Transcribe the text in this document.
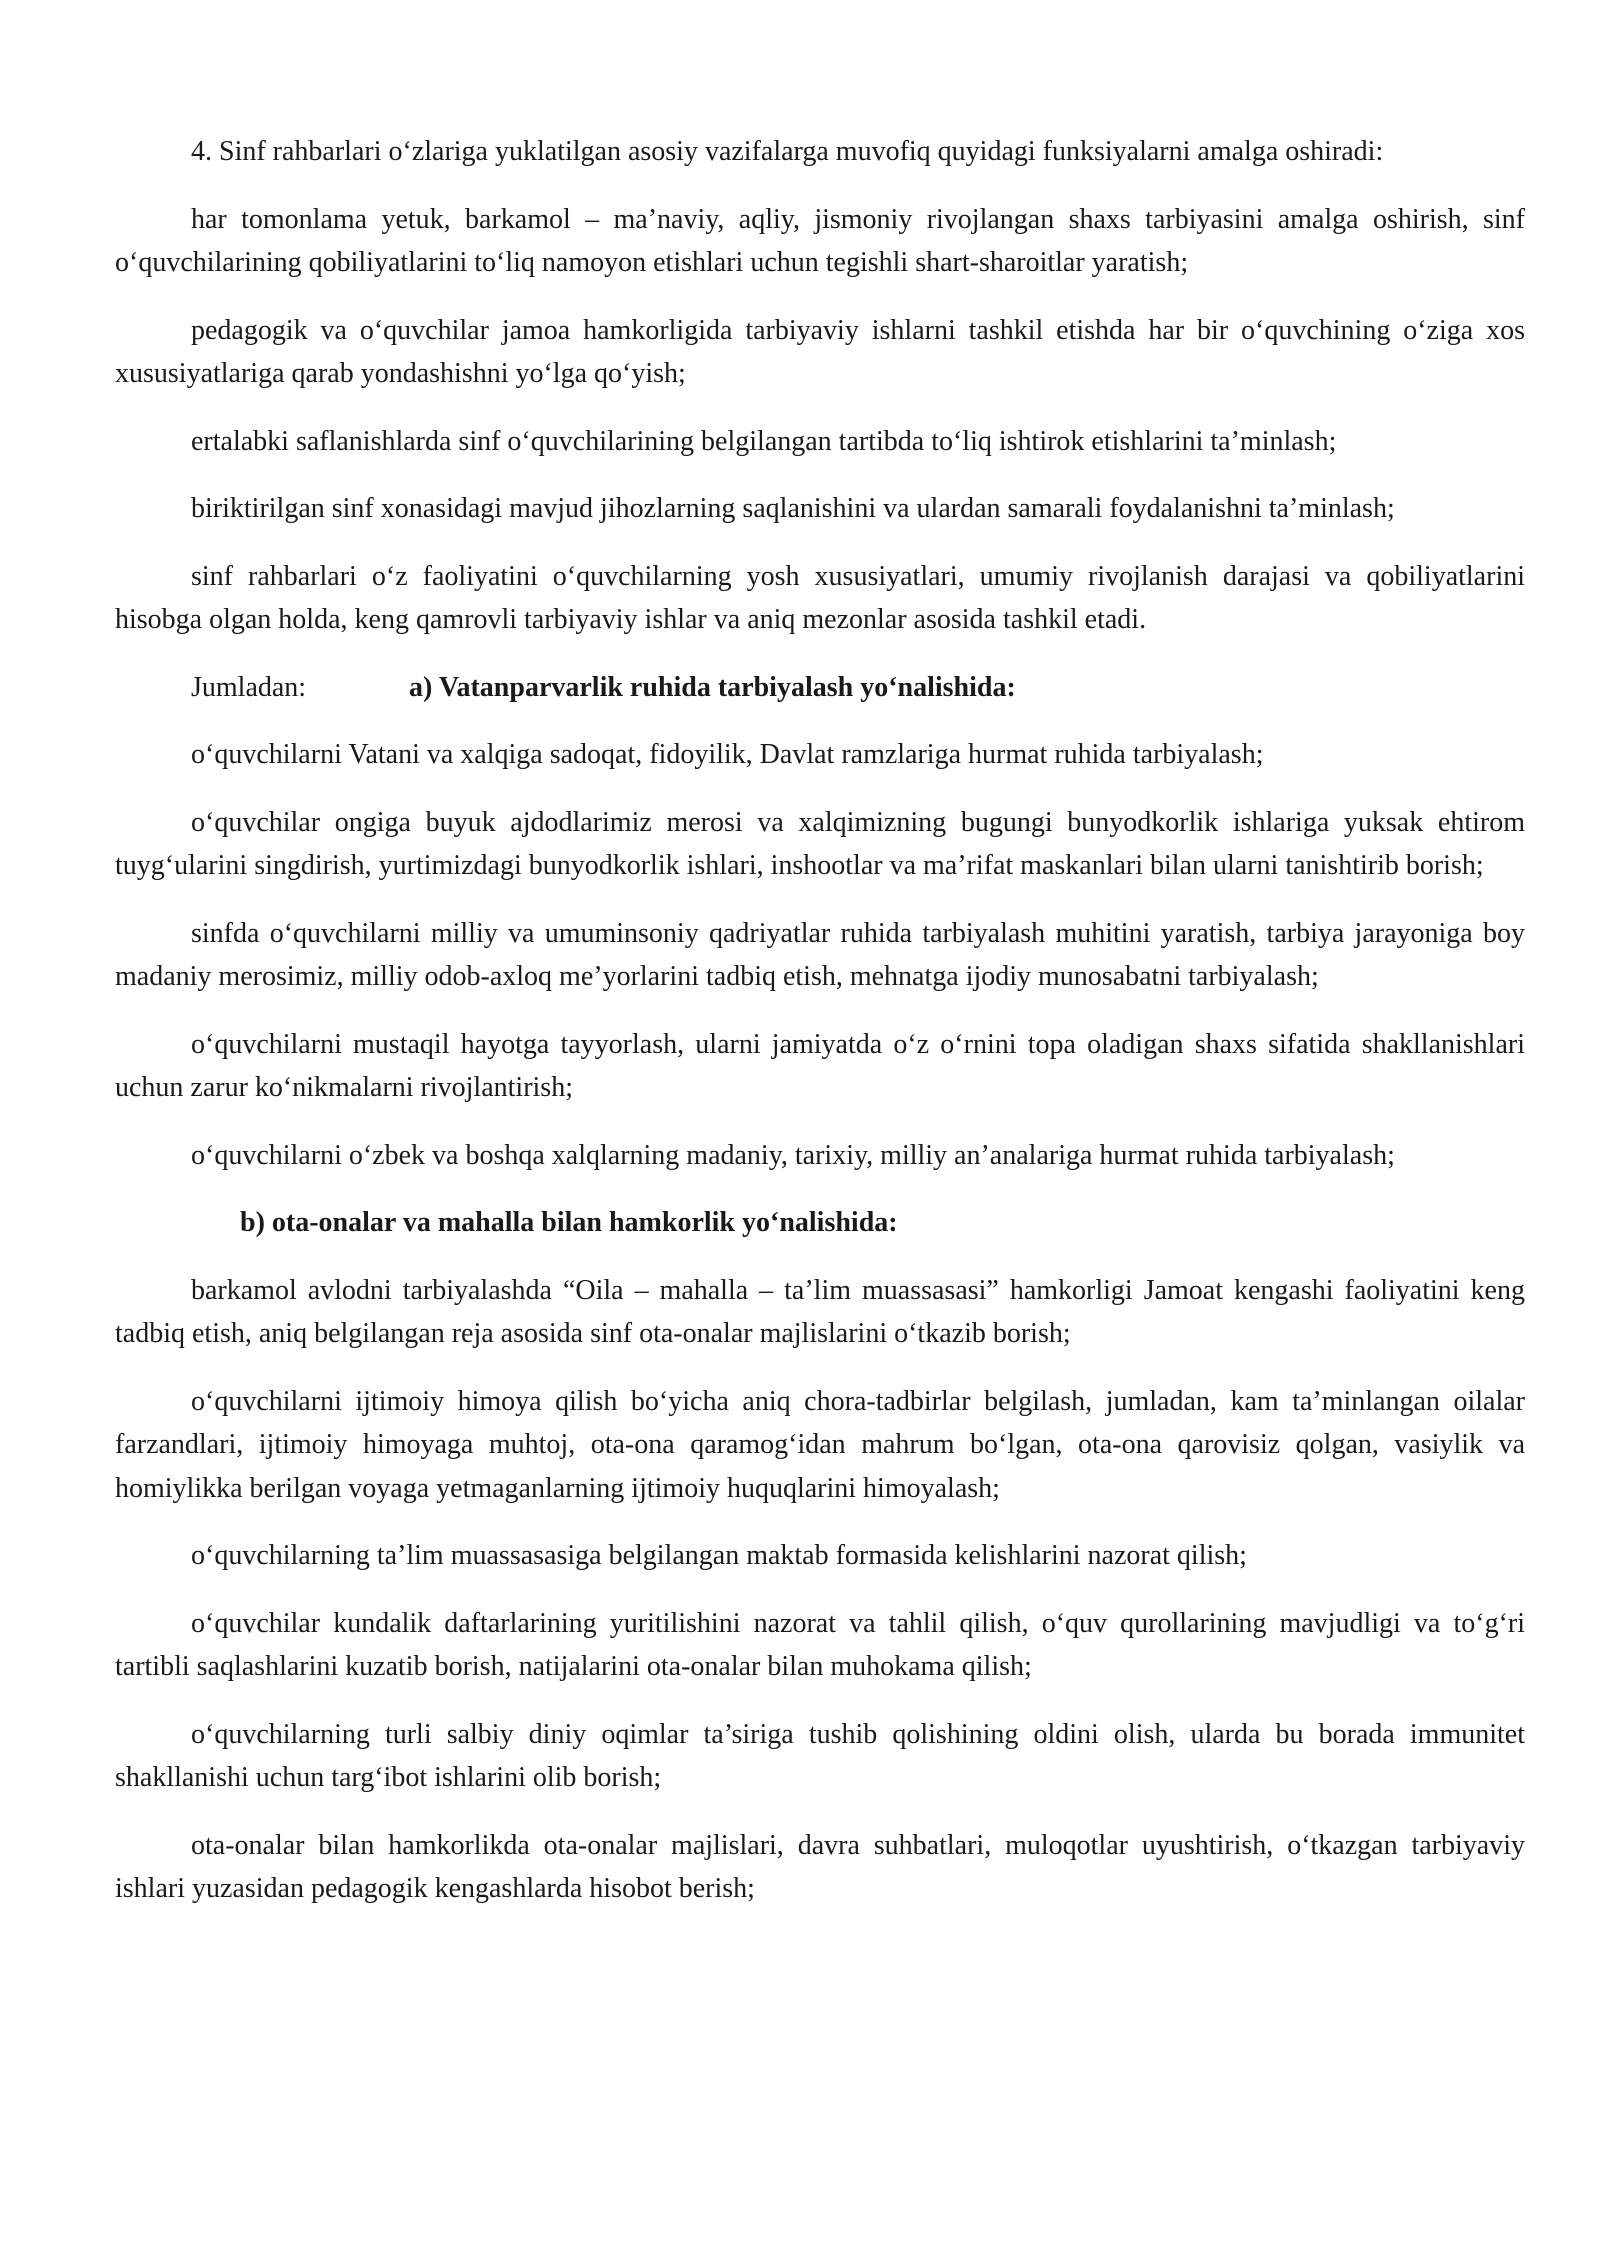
4. Sinf rahbarlari o‘zlariga yuklatilgan asosiy vazifalarga muvofiq quyidagi funksiyalarni amalga oshiradi:

har tomonlama yetuk, barkamol – ma’naviy, aqliy, jismoniy rivojlangan shaxs tarbiyasini amalga oshirish, sinf o‘quvchilarining qobiliyatlarini to‘liq namoyon etishlari uchun tegishli shart-sharoitlar yaratish;

pedagogik va o‘quvchilar jamoa hamkorligida tarbiyaviy ishlarni tashkil etishda har bir o‘quvchining o‘ziga xos xususiyatlariga qarab yondashishni yo‘lga qo‘yish;

ertalabki saflanishlarda sinf o‘quvchilarining belgilangan tartibda to‘liq ishtirok etishlarini ta’minlash;

biriktirilgan sinf xonasidagi mavjud jihozlarning saqlanishini va ulardan samarali foydalanishni ta’minlash;

sinf rahbarlari o‘z faoliyatini o‘quvchilarning yosh xususiyatlari, umumiy rivojlanish darajasi va qobiliyatlarini hisobga olgan holda, keng qamrovli tarbiyaviy ishlar va aniq mezonlar asosida tashkil etadi.

Jumladan:	a) Vatanparvarlik ruhida tarbiyalash yo‘nalishida:

o‘quvchilarni Vatani va xalqiga sadoqat, fidoyilik, Davlat ramzlariga hurmat ruhida tarbiyalash;

o‘quvchilar ongiga buyuk ajdodlarimiz merosi va xalqimizning bugungi bunyodkorlik ishlariga yuksak ehtirom tuyg‘ularini singdirish, yurtimizdagi bunyodkorlik ishlari, inshootlar va ma’rifat maskanlari bilan ularni tanishtirib borish;

sinfda o‘quvchilarni milliy va umuminsoniy qadriyatlar ruhida tarbiyalash muhitini yaratish, tarbiya jarayoniga boy madaniy merosimiz, milliy odob-axloq me’yorlarini tadbiq etish, mehnatga ijodiy munosabatni tarbiyalash;

o‘quvchilarni mustaqil hayotga tayyorlash, ularni jamiyatda o‘z o‘rnini topa oladigan shaxs sifatida shakllanishlari uchun zarur ko‘nikmalarni rivojlantirish;

o‘quvchilarni o‘zbek va boshqa xalqlarning madaniy, tarixiy, milliy an’analariga hurmat ruhida tarbiyalash;

b) ota-onalar va mahalla bilan hamkorlik yo‘nalishida:

barkamol avlodni tarbiyalashda “Oila – mahalla – ta’lim muassasasi” hamkorligi Jamoat kengashi faoliyatini keng tadbiq etish, aniq belgilangan reja asosida sinf ota-onalar majlislarini o‘tkazib borish;

o‘quvchilarni ijtimoiy himoya qilish bo‘yicha aniq chora-tadbirlar belgilash, jumladan, kam ta’minlangan oilalar farzandlari, ijtimoiy himoyaga muhtoj, ota-ona qaramog‘idan mahrum bo‘lgan, ota-ona qarovisiz qolgan, vasiylik va homiylikka berilgan voyaga yetmaganlarning ijtimoiy huquqlarini himoyalash;

o‘quvchilarning ta’lim muassasasiga belgilangan maktab formasida kelishlarini nazorat qilish;

o‘quvchilar kundalik daftarlarining yuritilishini nazorat va tahlil qilish, o‘quv qurollarining mavjudligi va to‘g‘ri tartibli saqlashlarini kuzatib borish, natijalarini ota-onalar bilan muhokama qilish;

o‘quvchilarning turli salbiy diniy oqimlar ta’siriga tushib qolishining oldini olish, ularda bu borada immunitet shakllanishi uchun targ‘ibot ishlarini olib borish;

ota-onalar bilan hamkorlikda ota-onalar majlislari, davra suhbatlari, muloqotlar uyushtirish, o‘tkazgan tarbiyaviy ishlari yuzasidan pedagogik kengashlarda hisobot berish;
